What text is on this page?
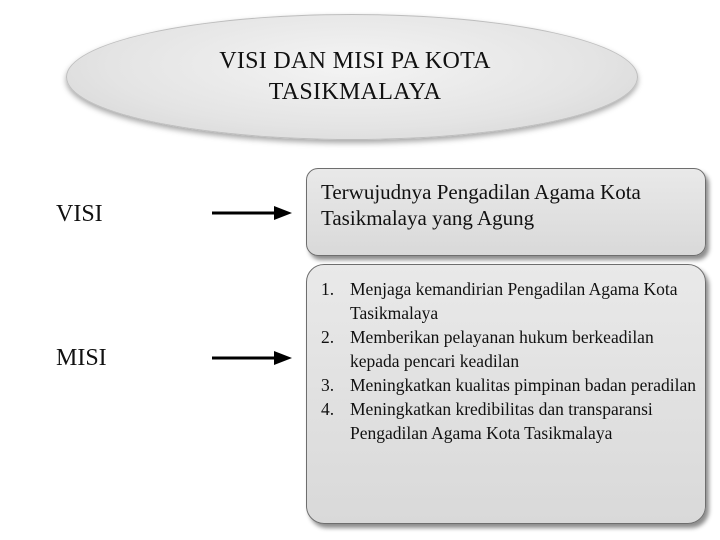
VISI DAN MISI PA KOTA
TASIKMALAYA
VISI
MISI
Terwujudnya Pengadilan Agama Kota Tasikmalaya yang Agung
1. Menjaga kemandirian Pengadilan Agama Kota Tasikmalaya
2. Memberikan pelayanan hukum berkeadilan kepada pencari keadilan
3. Meningkatkan kualitas pimpinan badan peradilan
4. Meningkatkan kredibilitas dan transparansi Pengadilan Agama Kota Tasikmalaya
